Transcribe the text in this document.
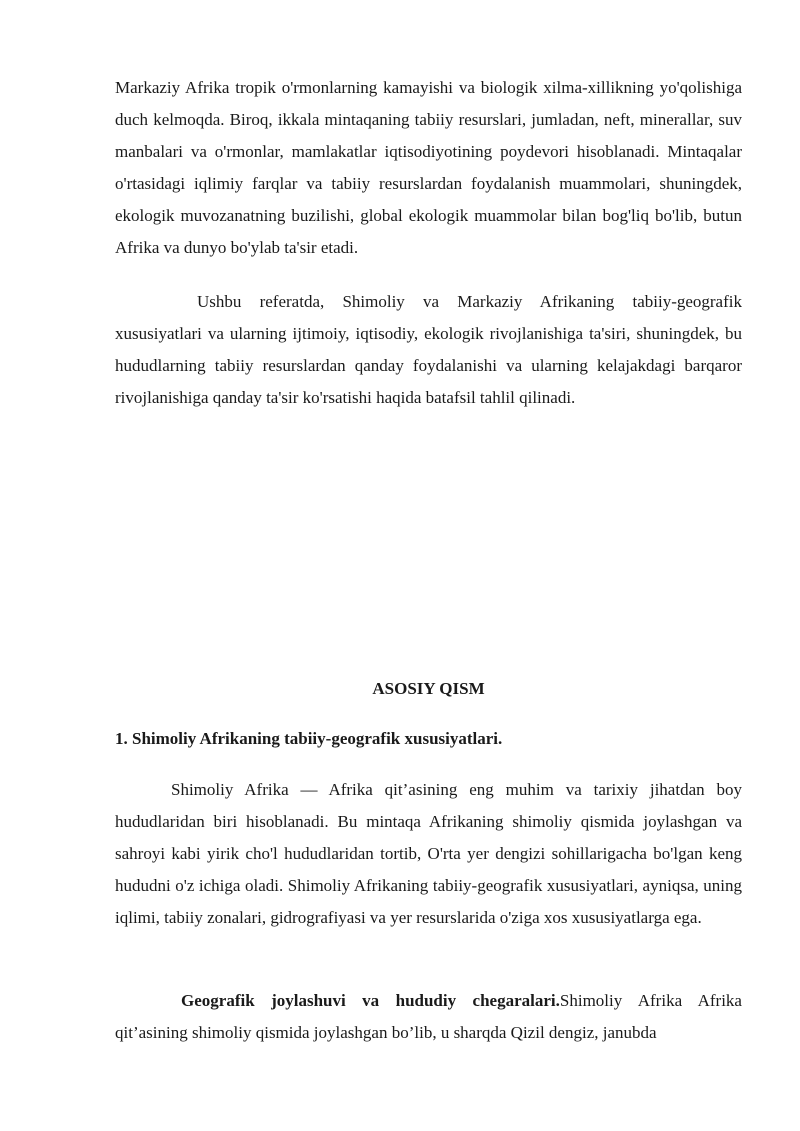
Markaziy Afrika tropik o'rmonlarning kamayishi va biologik xilma-xillikning yo'qolishiga duch kelmoqda. Biroq, ikkala mintaqaning tabiiy resurslari, jumladan, neft, minerallar, suv manbalari va o'rmonlar, mamlakatlar iqtisodiyotining poydevori hisoblanadi. Mintaqalar o'rtasidagi iqlimiy farqlar va tabiiy resurslardan foydalanish muammolari, shuningdek, ekologik muvozanatning buzilishi, global ekologik muammolar bilan bog'liq bo'lib, butun Afrika va dunyo bo'ylab ta'sir etadi.

Ushbu referatda, Shimoliy va Markaziy Afrikaning tabiiy-geografik xususiyatlari va ularning ijtimoiy, iqtisodiy, ekologik rivojlanishiga ta'siri, shuningdek, bu hududlarning tabiiy resurslardan qanday foydalanishi va ularning kelajakdagi barqaror rivojlanishiga qanday ta'sir ko'rsatishi haqida batafsil tahlil qilinadi.

ASOSIY QISM
1. Shimoliy Afrikaning tabiiy-geografik xususiyatlari.

Shimoliy Afrika — Afrika qit’asining eng muhim va tarixiy jihatdan boy hududlaridan biri hisoblanadi. Bu mintaqa Afrikaning shimoliy qismida joylashgan va sahroyi kabi yirik cho'l hududlaridan tortib, O'rta yer dengizi sohillarigacha bo'lgan keng hududni o'z ichiga oladi. Shimoliy Afrikaning tabiiy-geografik xususiyatlari, ayniqsa, uning iqlimi, tabiiy zonalari, gidrografiyasi va yer resurslarida o'ziga xos xususiyatlarga ega.

Geografik joylashuvi va hududiy chegaralari.Shimoliy Afrika Afrika qit’asining shimoliy qismida joylashgan bo’lib, u sharqda Qizil dengiz, janubda
